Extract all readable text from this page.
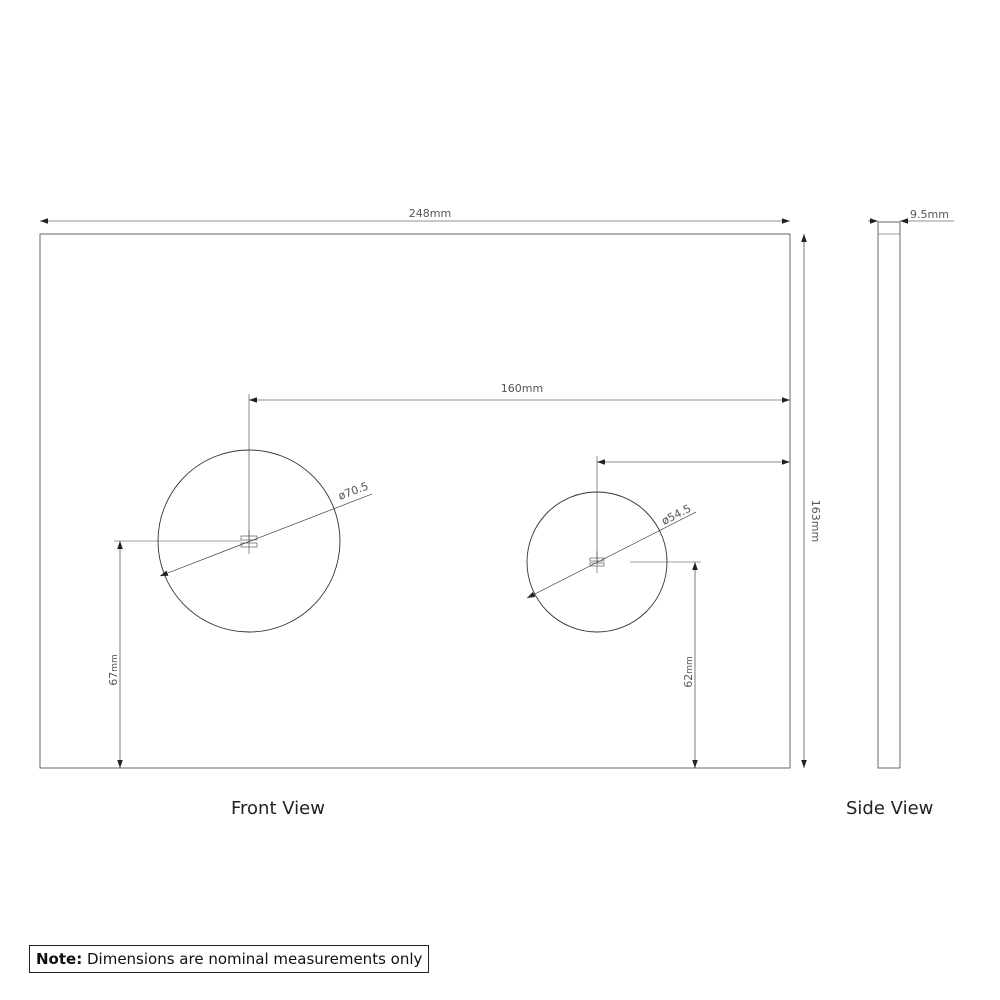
248mm
163mm
160mm
ø70.5
67mm
ø54.5
62mm
9.5mm
Front View	Side View
Note: Dimensions are nominal measurements only
